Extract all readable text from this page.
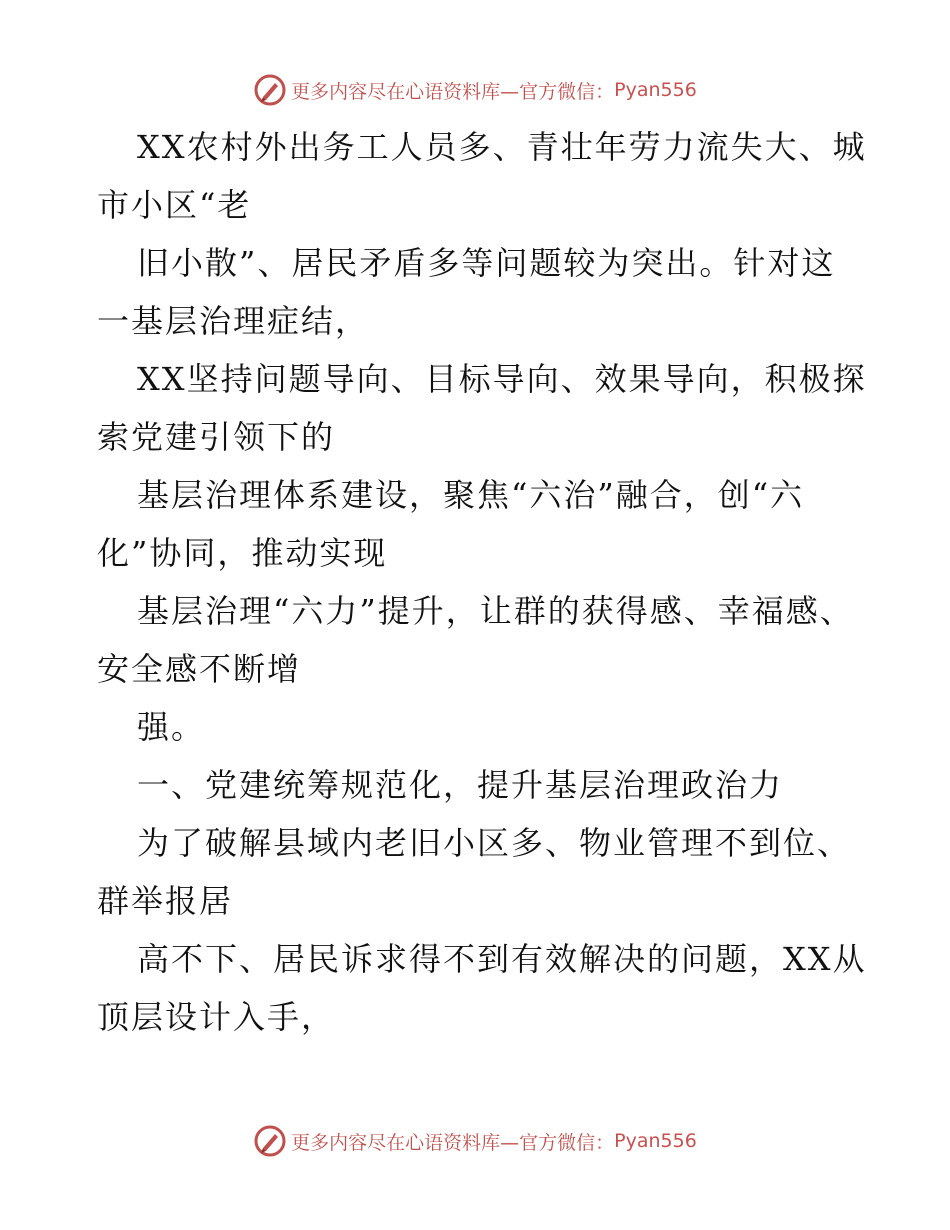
更多内容尽在心语资料库—官方微信： Pyan556

XX农村外出务工人员多、青壮年劳力流失大、城市小区“老

旧小散”、居民矛盾多等问题较为突出。针对这一基层治理症结，

XX坚持问题导向、目标导向、效果导向，积极探索党建引领下的

基层治理体系建设，聚焦“六治”融合，创“六化”协同，推动实现

基层治理“六力”提升，让群的获得感、幸福感、安全感不断增

强。

一、党建统筹规范化，提升基层治理政治力

为了破解县域内老旧小区多、物业管理不到位、群举报居

高不下、居民诉求得不到有效解决的问题，XX从顶层设计入手，

更多内容尽在心语资料库—官方微信： Pyan556
